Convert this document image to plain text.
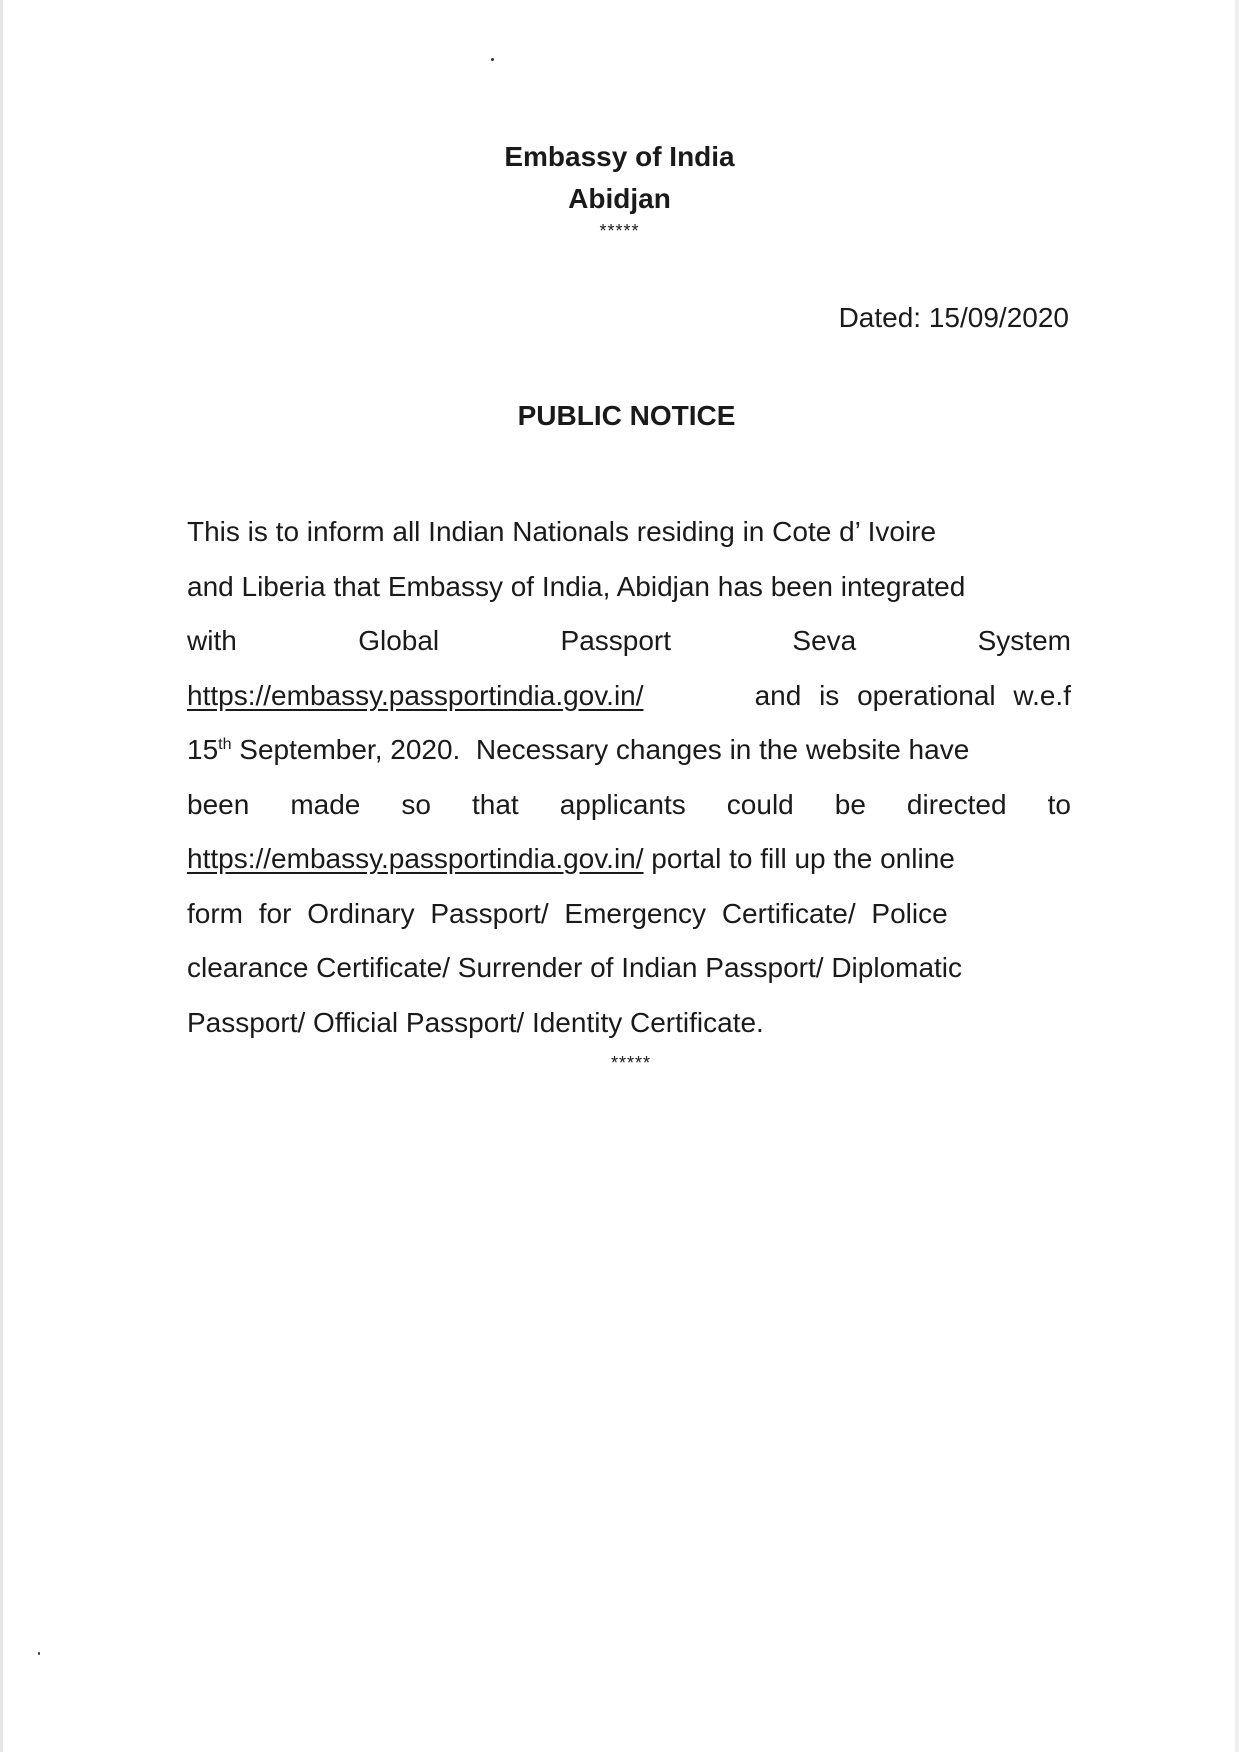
Embassy of India
Abidjan
*****
Dated: 15/09/2020
PUBLIC NOTICE
This is to inform all Indian Nationals residing in Cote d’ Ivoire
and Liberia that Embassy of India, Abidjan has been integrated
with	Global	Passport	Seva	System
https://embassy.passportindia.gov.in/	and is operational w.e.f
15th September, 2020.  Necessary changes in the website have
been made so that applicants could be directed to
https://embassy.passportindia.gov.in/ portal to fill up the online
form for Ordinary Passport/ Emergency Certificate/ Police
clearance Certificate/ Surrender of Indian Passport/ Diplomatic
Passport/ Official Passport/ Identity Certificate.
*****
